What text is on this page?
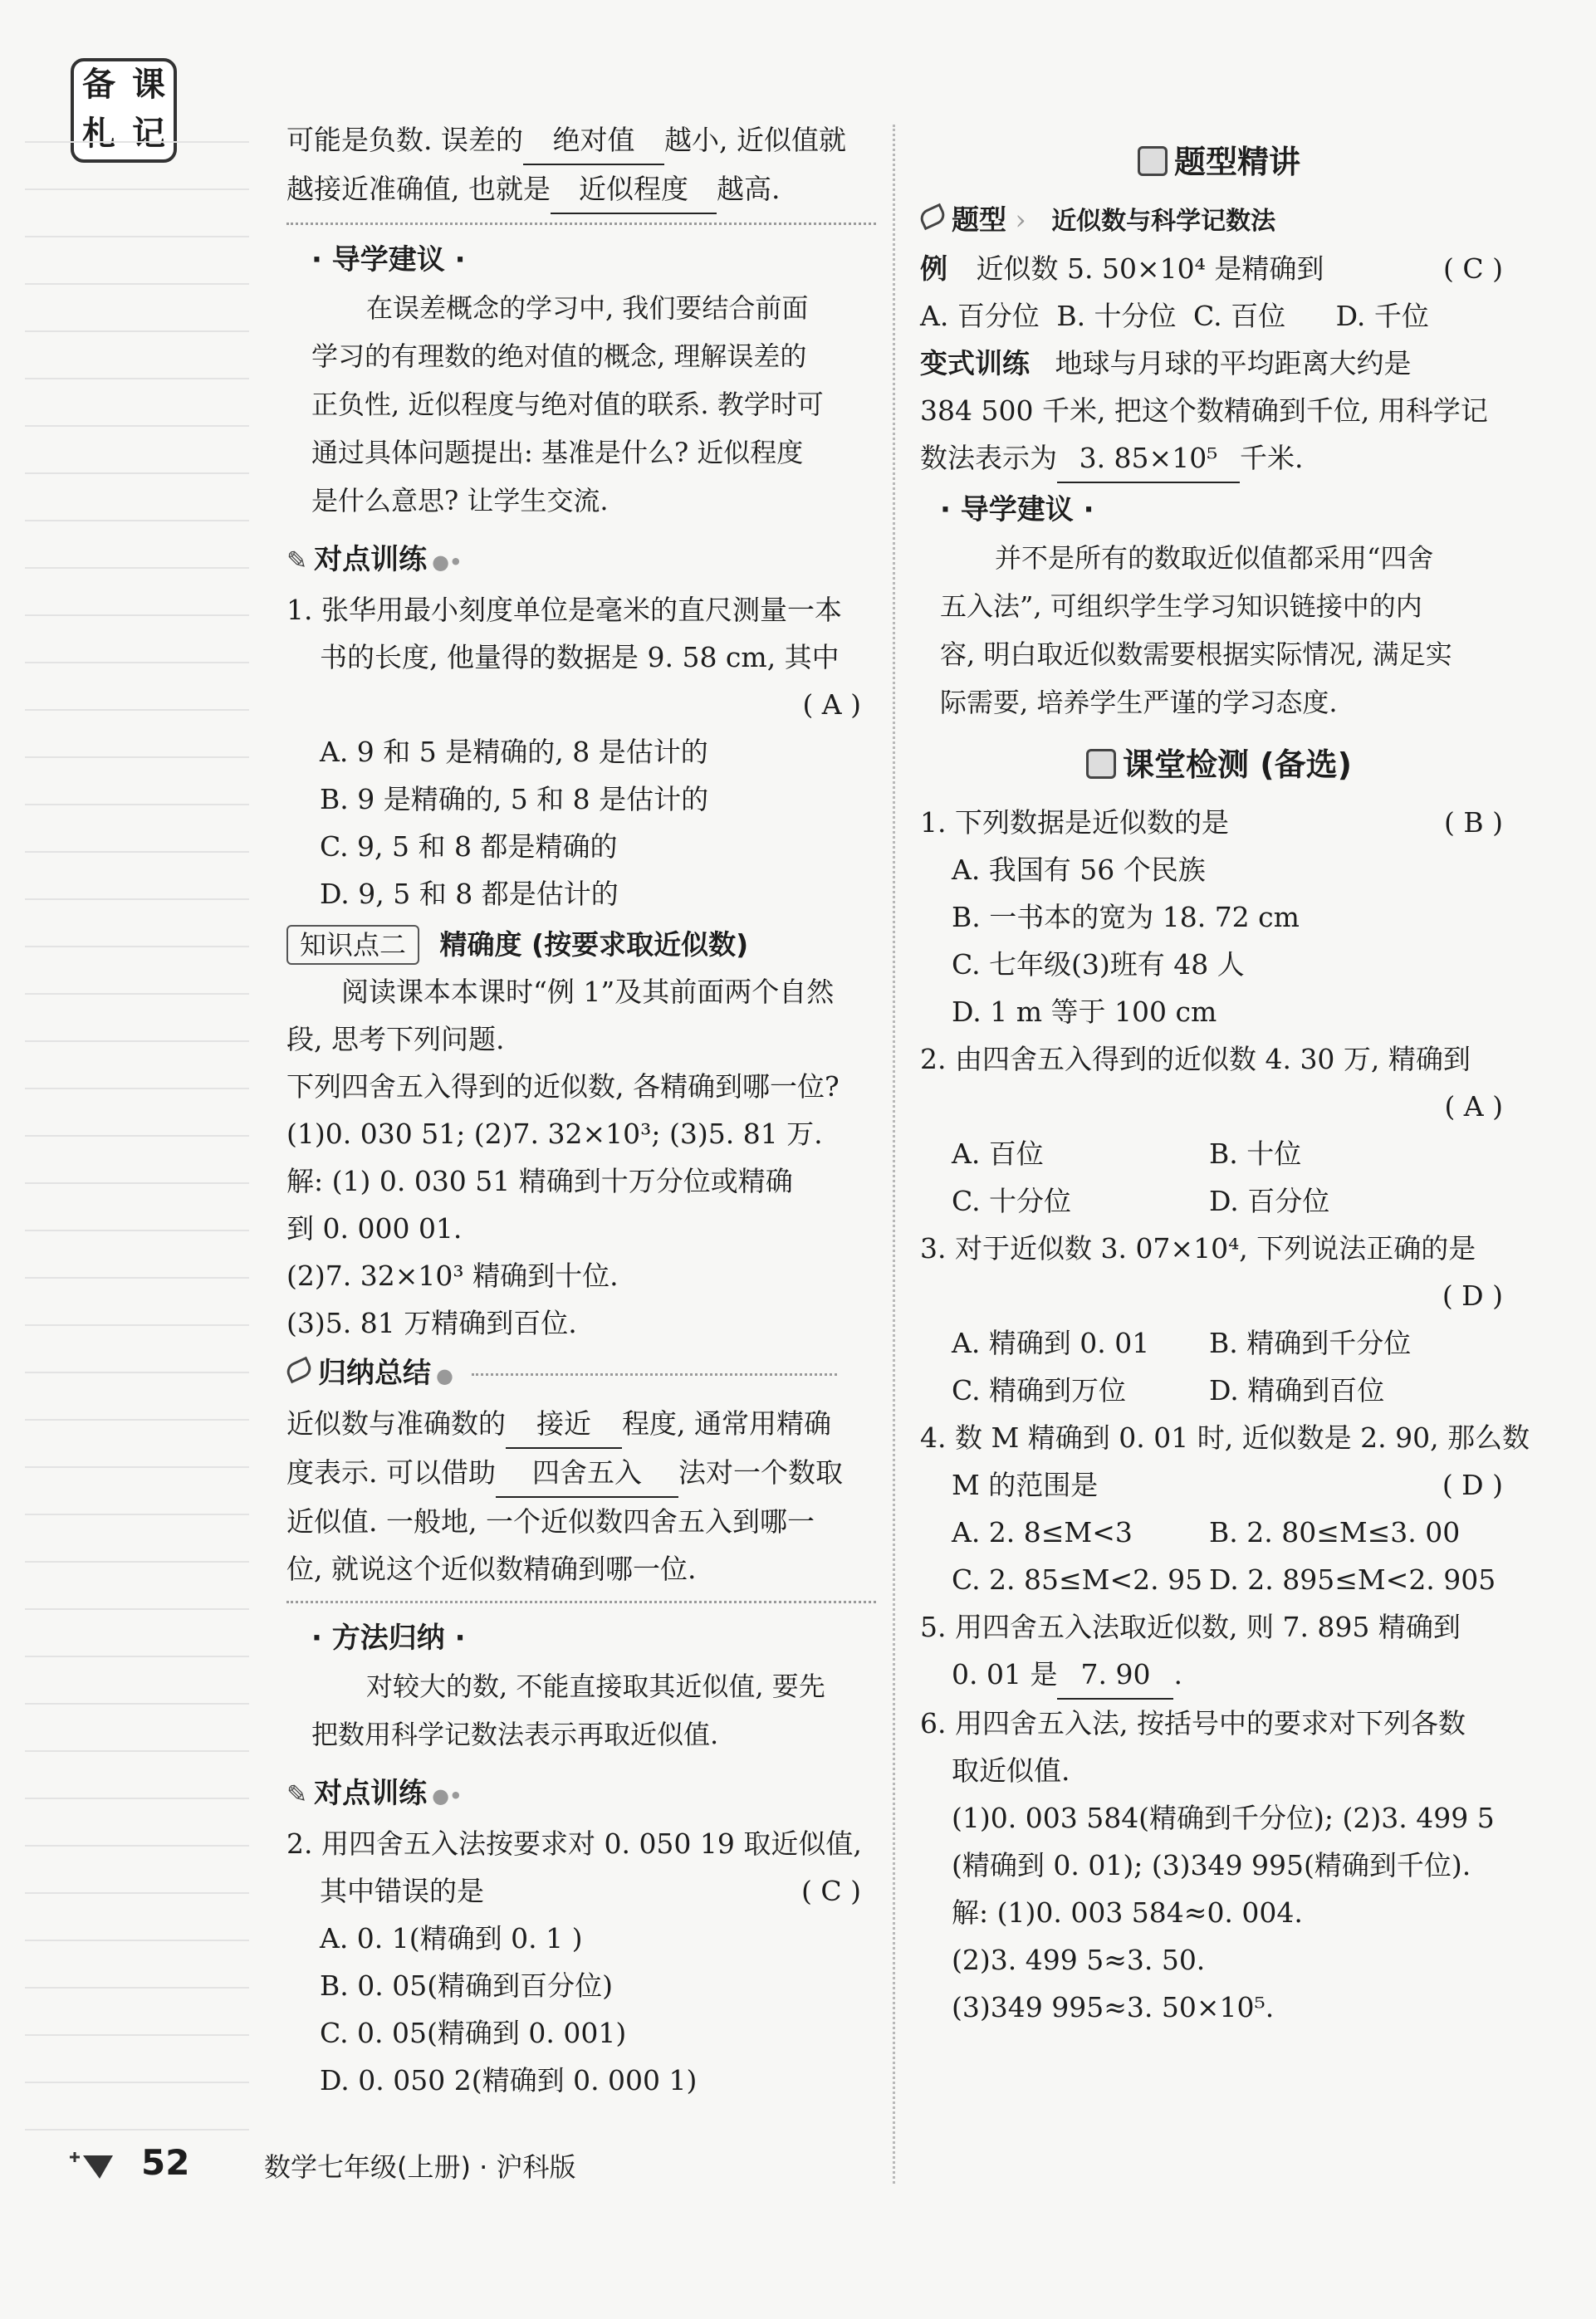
备 课
札 记	可能是负数. 误差的 绝对值 越小, 近似值就
越接近准确值, 也就是 近似程度 越高.
· 导学建议 ·
在误差概念的学习中, 我们要结合前面
学习的有理数的绝对值的概念, 理解误差的
正负性, 近似程度与绝对值的联系. 教学时可
通过具体问题提出: 基准是什么? 近似程度
是什么意思? 让学生交流.
✎ 对点训练 ●•
1. 张华用最小刻度单位是毫米的直尺测量一本
书的长度, 他量得的数据是 9. 58 cm, 其中
( A )
A. 9 和 5 是精确的, 8 是估计的
B. 9 是精确的, 5 和 8 是估计的
C. 9, 5 和 8 都是精确的
D. 9, 5 和 8 都是估计的
知识点二 精确度 (按要求取近似数)
阅读课本本课时“例 1”及其前面两个自然
段, 思考下列问题.
下列四舍五入得到的近似数, 各精确到哪一位?
(1)0. 030 51; (2)7. 32×10³; (3)5. 81 万.
解: (1) 0. 030 51 精确到十万分位或精确
到 0. 000 01.
(2)7. 32×10³ 精确到十位.
(3)5. 81 万精确到百位.
归纳总结 ●
近似数与准确数的 接近 程度, 通常用精确
度表示. 可以借助 四舍五入 法对一个数取
近似值. 一般地, 一个近似数四舍五入到哪一
位, 就说这个近似数精确到哪一位.
· 方法归纳 ·
对较大的数, 不能直接取其近似值, 要先
把数用科学记数法表示再取近似值.
✎ 对点训练 ●•
2. 用四舍五入法按要求对 0. 050 19 取近似值,
其中错误的是	( C )
A. 0. 1(精确到 0. 1 )
B. 0. 05(精确到百分位)
C. 0. 05(精确到 0. 001)
D. 0. 050 2(精确到 0. 000 1)
题型精讲
题型 › 近似数与科学记数法
例 近似数 5. 50×10⁴ 是精确到	( C )
A. 百分位 B. 十分位 C. 百位 D. 千位
变式训练 地球与月球的平均距离大约是
384 500 千米, 把这个数精确到千位, 用科学记
数法表示为 3. 85×10⁵ 千米.
· 导学建议 ·
并不是所有的数取近似值都采用“四舍
五入法”, 可组织学生学习知识链接中的内
容, 明白取近似数需要根据实际情况, 满足实
际需要, 培养学生严谨的学习态度.
课堂检测 (备选)
1. 下列数据是近似数的是	( B )
A. 我国有 56 个民族
B. 一书本的宽为 18. 72 cm
C. 七年级(3)班有 48 人
D. 1 m 等于 100 cm
2. 由四舍五入得到的近似数 4. 30 万, 精确到
( A )
A. 百位	B. 十位
C. 十分位	D. 百分位
3. 对于近似数 3. 07×10⁴, 下列说法正确的是
( D )
A. 精确到 0. 01 B. 精确到千分位
C. 精确到万位	D. 精确到百位
4. 数 M 精确到 0. 01 时, 近似数是 2. 90, 那么数
M 的范围是	( D )
A. 2. 8≤M<3	B. 2. 80≤M≤3. 00
C. 2. 85≤M<2. 95 D. 2. 895≤M<2. 905
5. 用四舍五入法取近似数, 则 7. 895 精确到
0. 01 是 7. 90 .
6. 用四舍五入法, 按括号中的要求对下列各数
取近似值.
(1)0. 003 584(精确到千分位); (2)3. 499 5
(精确到 0. 01); (3)349 995(精确到千位).
解: (1)0. 003 584≈0. 004.
(2)3. 499 5≈3. 50.
(3)349 995≈3. 50×10⁵.
52	数学七年级(上册) · 沪科版
